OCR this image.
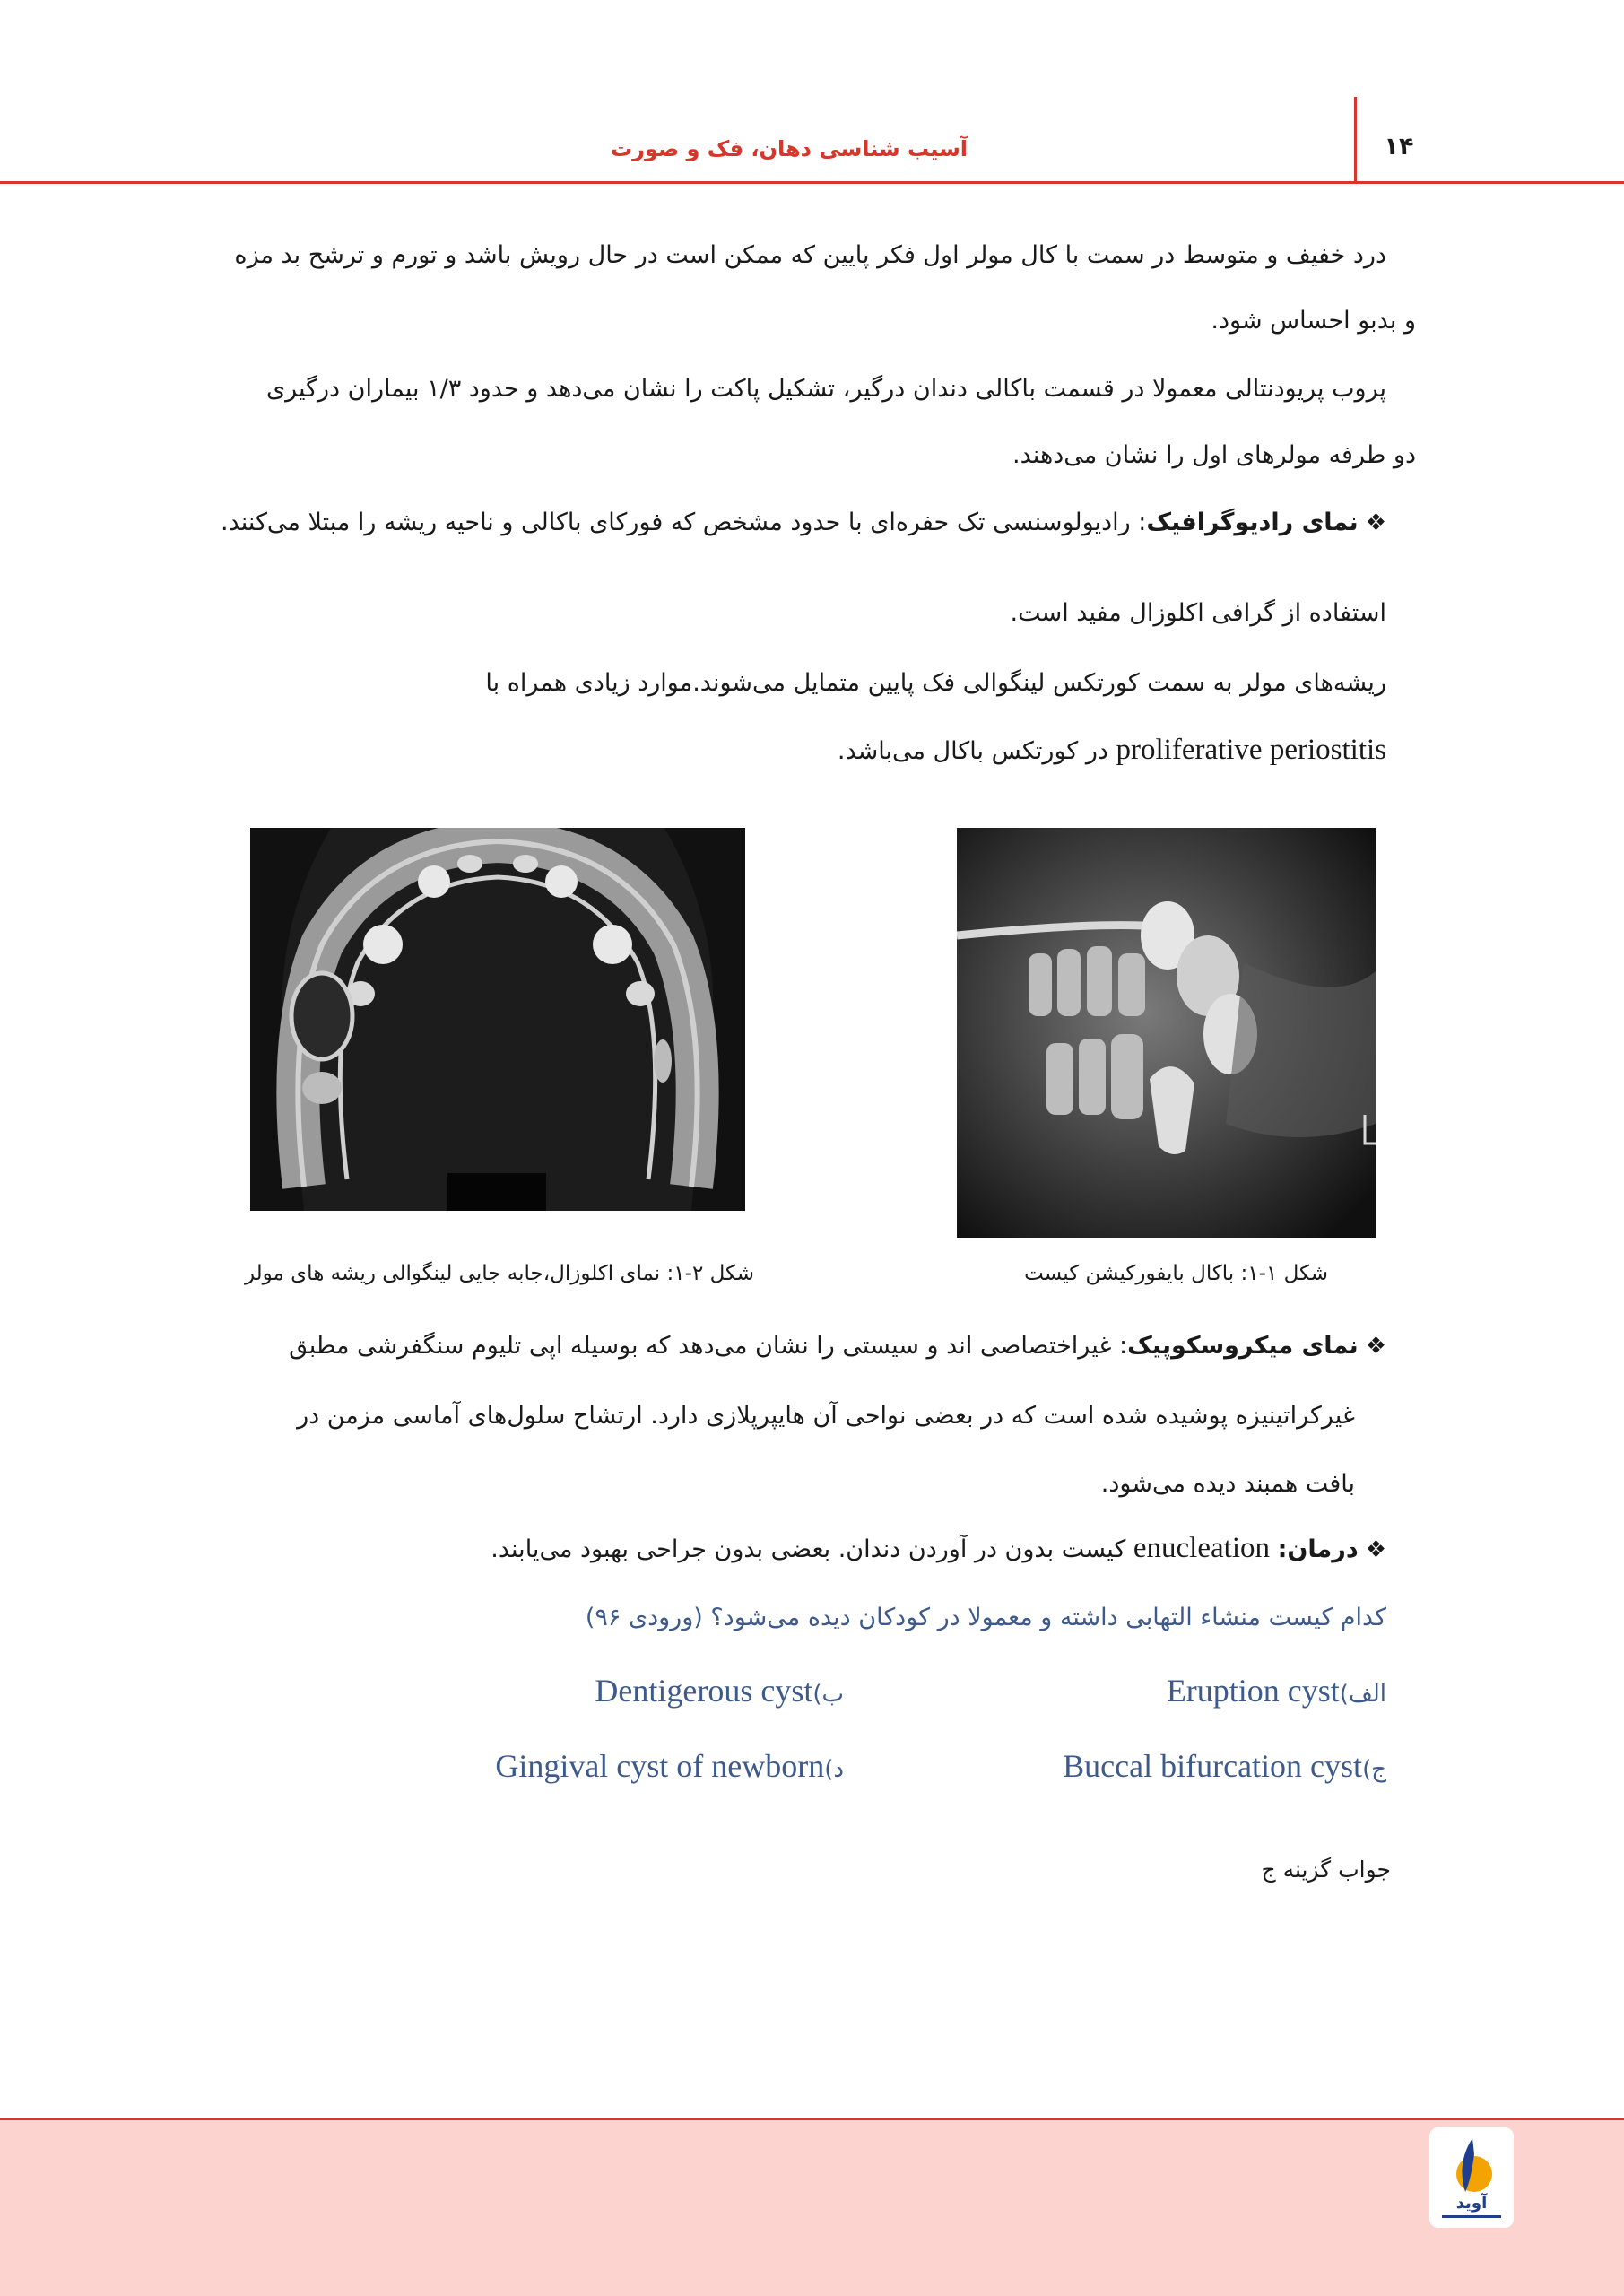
آسیب شناسی دهان، فک و صورت	۱۴
درد خفیف و متوسط در سمت با کال مولر اول فکر پایین که ممکن است در حال رویش باشد و تورم و ترشح بد مزه
و بدبو احساس شود.
پروب پریودنتالی معمولا در قسمت باکالی دندان درگیر، تشکیل پاکت را نشان می‌دهد و حدود ۱/۳ بیماران درگیری
دو طرفه مولرهای اول را نشان می‌دهند.
❖نمای رادیوگرافیک: رادیولوسنسی تک حفره‌ای با حدود مشخص که فورکای باکالی و ناحیه ریشه را مبتلا می‌کنند.
استفاده از گرافی اکلوزال مفید است.
ریشه‌های مولر به سمت کورتکس لینگوالی فک پایین متمایل می‌شوند.موارد زیادی همراه با
proliferative periostitis در کورتکس باکال می‌باشد.
شکل ۱-۱: باکال بایفورکیشن کیست
شکل ۲-۱: نمای اکلوزال،جابه جایی لینگوالی ریشه های مولر
❖نمای میکروسکوپیک: غیراختصاصی اند و سیستی را نشان می‌دهد که بوسیله اپی تلیوم سنگفرشی مطبق
غیرکراتینیزه پوشیده شده است که در بعضی نواحی آن هایپرپلازی دارد. ارتشاح سلول‌های آماسی مزمن در
بافت همبند دیده می‌شود.
❖درمان: enucleation کیست بدون در آوردن دندان. بعضی بدون جراحی بهبود می‌یابند.
کدام کیست منشاء التهابی داشته و معمولا در کودکان دیده می‌شود؟ (ورودی ۹۶)
الف)Eruption cyst
ب)Dentigerous cyst
ج)Buccal bifurcation cyst
د)Gingival cyst of newborn
جواب گزینه ج
آوید
